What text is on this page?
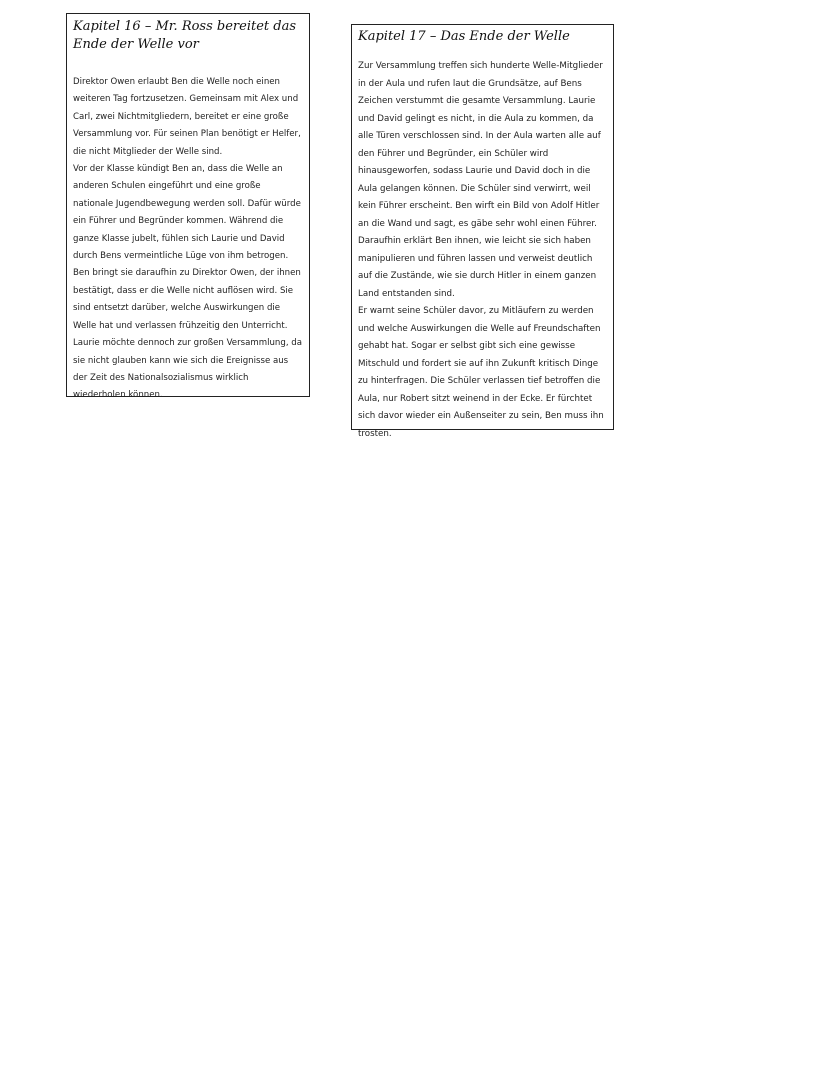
Kapitel 16 – Mr. Ross bereitet das Ende der Welle vor

Direktor Owen erlaubt Ben die Welle noch einen weiteren Tag fortzusetzen. Gemeinsam mit Alex und Carl, zwei Nichtmitgliedern, bereitet er eine große Versammlung vor. Für seinen Plan benötigt er Helfer, die nicht Mitglieder der Welle sind.

Vor der Klasse kündigt Ben an, dass die Welle an anderen Schulen eingeführt und eine große nationale Jugendbewegung werden soll. Dafür würde ein Führer und Begründer kommen. Während die ganze Klasse jubelt, fühlen sich Laurie und David durch Bens vermeintliche Lüge von ihm betrogen. Ben bringt sie daraufhin zu Direktor Owen, der ihnen bestätigt, dass er die Welle nicht auflösen wird. Sie sind entsetzt darüber, welche Auswirkungen die Welle hat und verlassen frühzeitig den Unterricht.

Laurie möchte dennoch zur großen Versammlung, da sie nicht glauben kann wie sich die Ereignisse aus der Zeit des Nationalsozialismus wirklich wiederholen können.

Kapitel 17 – Das Ende der Welle

Zur Versammlung treffen sich hunderte Welle-Mitglieder in der Aula und rufen laut die Grundsätze, auf Bens Zeichen verstummt die gesamte Versammlung. Laurie und David gelingt es nicht, in die Aula zu kommen, da alle Türen verschlossen sind. In der Aula warten alle auf den Führer und Begründer, ein Schüler wird hinausgeworfen, sodass Laurie und David doch in die Aula gelangen können. Die Schüler sind verwirrt, weil kein Führer erscheint. Ben wirft ein Bild von Adolf Hitler an die Wand und sagt, es gäbe sehr wohl einen Führer.

Daraufhin erklärt Ben ihnen, wie leicht sie sich haben manipulieren und führen lassen und verweist deutlich auf die Zustände, wie sie durch Hitler in einem ganzen Land entstanden sind.

Er warnt seine Schüler davor, zu Mitläufern zu werden und welche Auswirkungen die Welle auf Freundschaften gehabt hat. Sogar er selbst gibt sich eine gewisse Mitschuld und fordert sie auf ihn Zukunft kritisch Dinge zu hinterfragen. Die Schüler verlassen tief betroffen die Aula, nur Robert sitzt weinend in der Ecke. Er fürchtet sich davor wieder ein Außenseiter zu sein, Ben muss ihn trösten.
